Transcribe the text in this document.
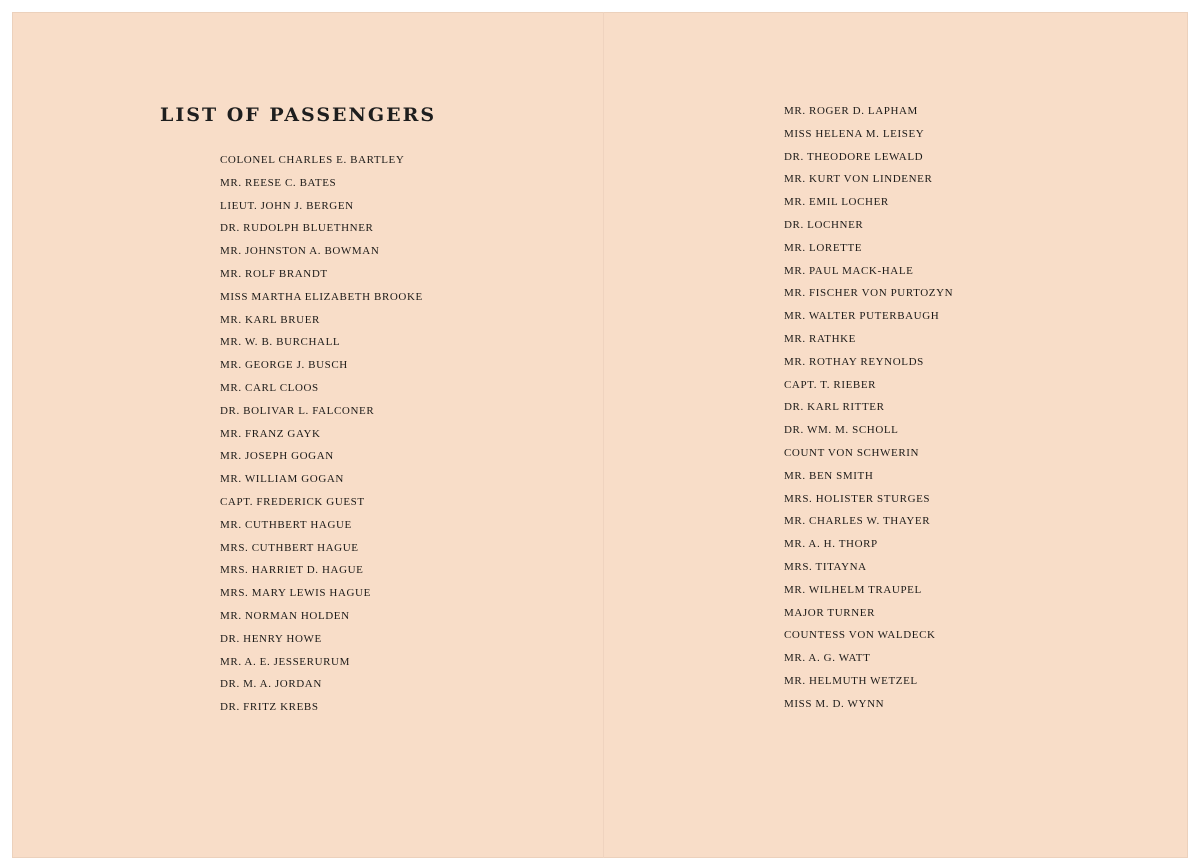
LIST OF PASSENGERS
COLONEL CHARLES E. BARTLEY
MR. REESE C. BATES
LIEUT. JOHN J. BERGEN
DR. RUDOLPH BLUETHNER
MR. JOHNSTON A. BOWMAN
MR. ROLF BRANDT
MISS MARTHA ELIZABETH BROOKE
MR. KARL BRUER
MR. W. B. BURCHALL
MR. GEORGE J. BUSCH
MR. CARL CLOOS
DR. BOLIVAR L. FALCONER
MR. FRANZ GAYK
MR. JOSEPH GOGAN
MR. WILLIAM GOGAN
CAPT. FREDERICK GUEST
MR. CUTHBERT HAGUE
MRS. CUTHBERT HAGUE
MRS. HARRIET D. HAGUE
MRS. MARY LEWIS HAGUE
MR. NORMAN HOLDEN
DR. HENRY HOWE
MR. A. E. JESSERURUM
DR. M. A. JORDAN
DR. FRITZ KREBS
MR. ROGER D. LAPHAM
MISS HELENA M. LEISEY
DR. THEODORE LEWALD
MR. KURT VON LINDENER
MR. EMIL LOCHER
DR. LOCHNER
MR. LORETTE
MR. PAUL MACK-HALE
MR. FISCHER VON PURTOZYN
MR. WALTER PUTERBAUGH
MR. RATHKE
MR. ROTHAY REYNOLDS
CAPT. T. RIEBER
DR. KARL RITTER
DR. WM. M. SCHOLL
COUNT VON SCHWERIN
MR. BEN SMITH
MRS. HOLISTER STURGES
MR. CHARLES W. THAYER
MR. A. H. THORP
MRS. TITAYNA
MR. WILHELM TRAUPEL
MAJOR TURNER
COUNTESS VON WALDECK
MR. A. G. WATT
MR. HELMUTH WETZEL
MISS M. D. WYNN
